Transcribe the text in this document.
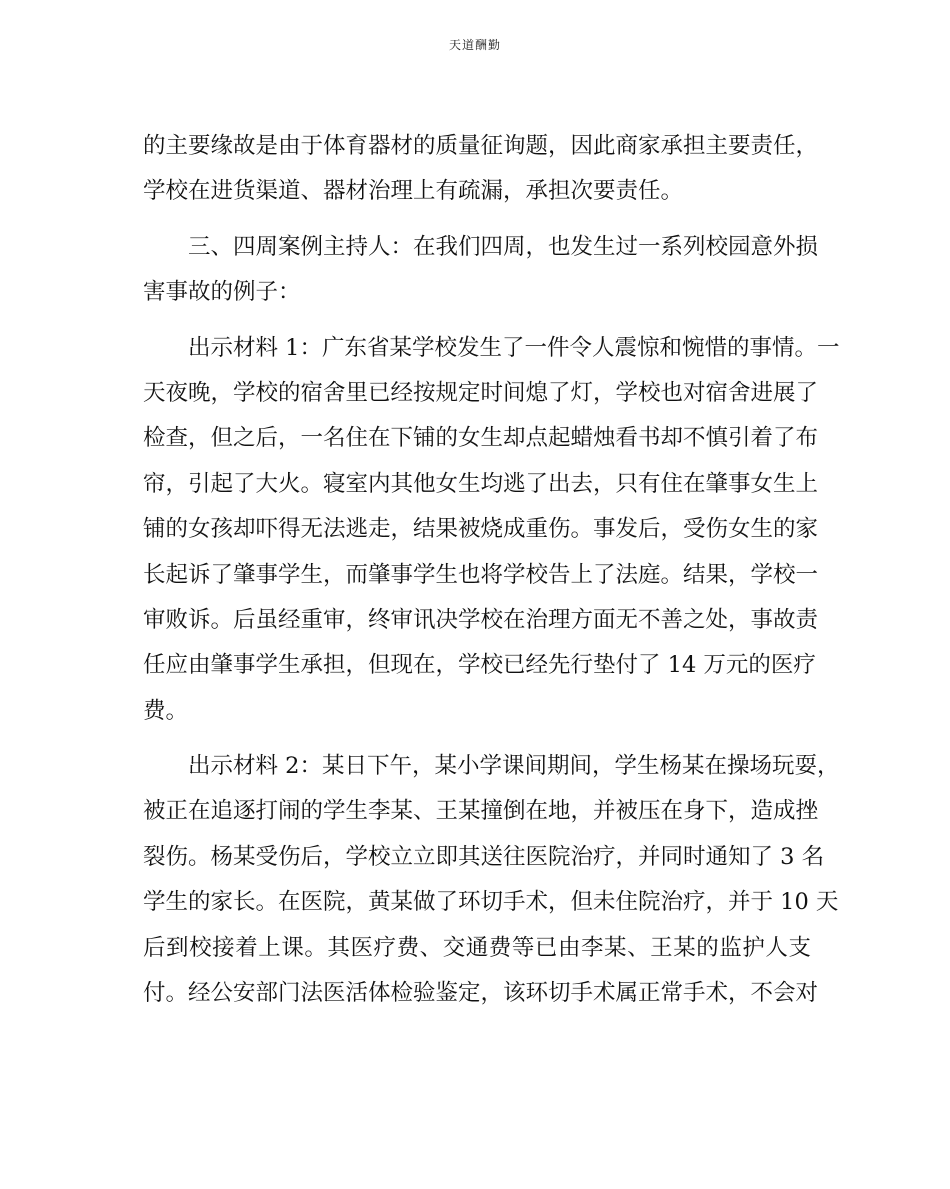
天道酬勤
的主要缘故是由于体育器材的质量征询题，因此商家承担主要责任，
学校在进货渠道、器材治理上有疏漏，承担次要责任。
三、四周案例主持人：在我们四周，也发生过一系列校园意外损
害事故的例子：
出示材料 1：广东省某学校发生了一件令人震惊和惋惜的事情。一
天夜晚，学校的宿舍里已经按规定时间熄了灯，学校也对宿舍进展了
检查，但之后，一名住在下铺的女生却点起蜡烛看书却不慎引着了布
帘，引起了大火。寝室内其他女生均逃了出去，只有住在肇事女生上
铺的女孩却吓得无法逃走，结果被烧成重伤。事发后，受伤女生的家
长起诉了肇事学生，而肇事学生也将学校告上了法庭。结果，学校一
审败诉。后虽经重审，终审讯决学校在治理方面无不善之处，事故责
任应由肇事学生承担，但现在，学校已经先行垫付了 14 万元的医疗
费。
出示材料 2：某日下午，某小学课间期间，学生杨某在操场玩耍，
被正在追逐打闹的学生李某、王某撞倒在地，并被压在身下，造成挫
裂伤。杨某受伤后，学校立立即其送往医院治疗，并同时通知了 3 名
学生的家长。在医院，黄某做了环切手术，但未住院治疗，并于 10 天
后到校接着上课。其医疗费、交通费等已由李某、王某的监护人支
付。经公安部门法医活体检验鉴定，该环切手术属正常手术，不会对
